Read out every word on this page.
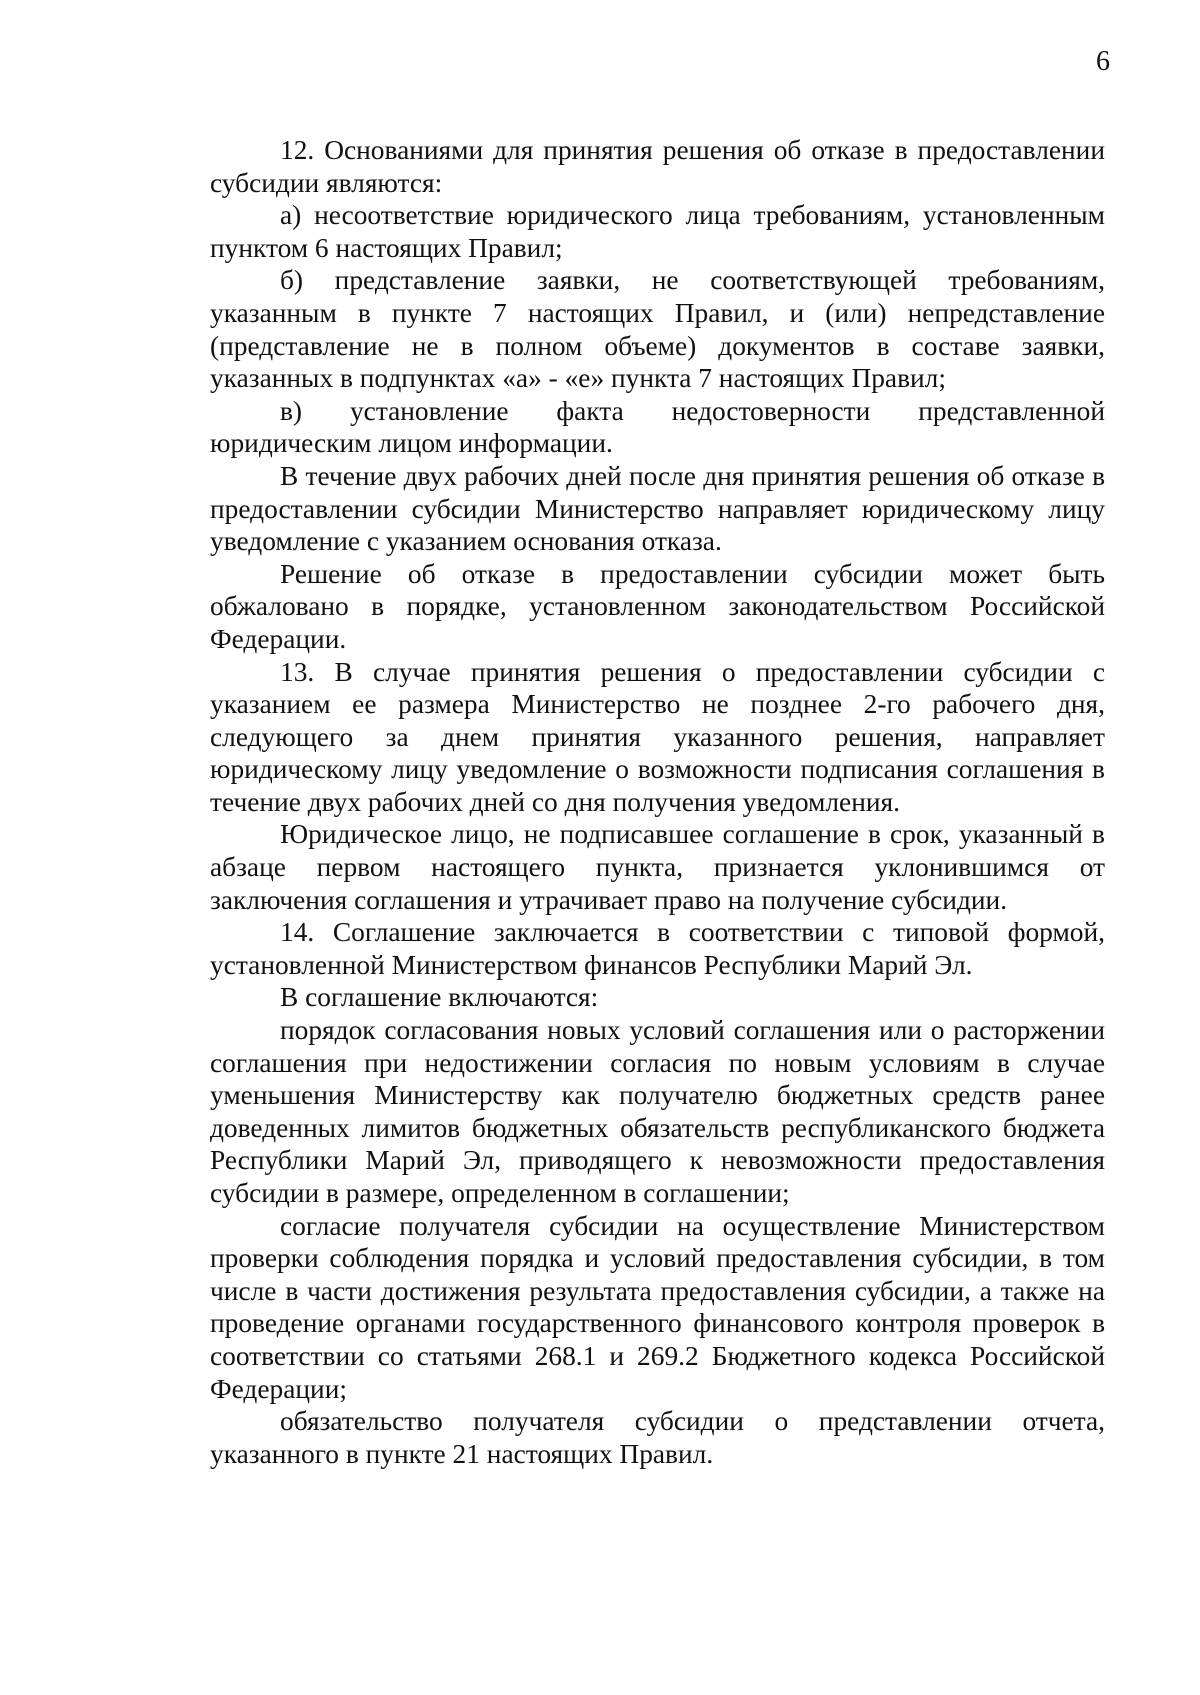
6

12. Основаниями для принятия решения об отказе в предоставлении субсидии являются:

а) несоответствие юридического лица требованиям, установленным пунктом 6 настоящих Правил;

б) представление заявки, не соответствующей требованиям, указанным в пункте 7 настоящих Правил, и (или) непредставление (представление не в полном объеме) документов в составе заявки, указанных в подпунктах «а» - «е» пункта 7 настоящих Правил;

в) установление факта недостоверности представленной юридическим лицом информации.

В течение двух рабочих дней после дня принятия решения об отказе в предоставлении субсидии Министерство направляет юридическому лицу уведомление с указанием основания отказа.

Решение об отказе в предоставлении субсидии может быть обжаловано в порядке, установленном законодательством Российской Федерации.

13. В случае принятия решения о предоставлении субсидии с указанием ее размера Министерство не позднее 2-го рабочего дня, следующего за днем принятия указанного решения, направляет юридическому лицу уведомление о возможности подписания соглашения в течение двух рабочих дней со дня получения уведомления.

Юридическое лицо, не подписавшее соглашение в срок, указанный в абзаце первом настоящего пункта, признается уклонившимся от заключения соглашения и утрачивает право на получение субсидии.

14. Соглашение заключается в соответствии с типовой формой, установленной Министерством финансов Республики Марий Эл.

В соглашение включаются:

порядок согласования новых условий соглашения или о расторжении соглашения при недостижении согласия по новым условиям в случае уменьшения Министерству как получателю бюджетных средств ранее доведенных лимитов бюджетных обязательств республиканского бюджета Республики Марий Эл, приводящего к невозможности предоставления субсидии в размере, определенном в соглашении;

согласие получателя субсидии на осуществление Министерством проверки соблюдения порядка и условий предоставления субсидии, в том числе в части достижения результата предоставления субсидии, а также на проведение органами государственного финансового контроля проверок в соответствии со статьями 268.1 и 269.2 Бюджетного кодекса Российской Федерации;

обязательство получателя субсидии о представлении отчета, указанного в пункте 21 настоящих Правил.
